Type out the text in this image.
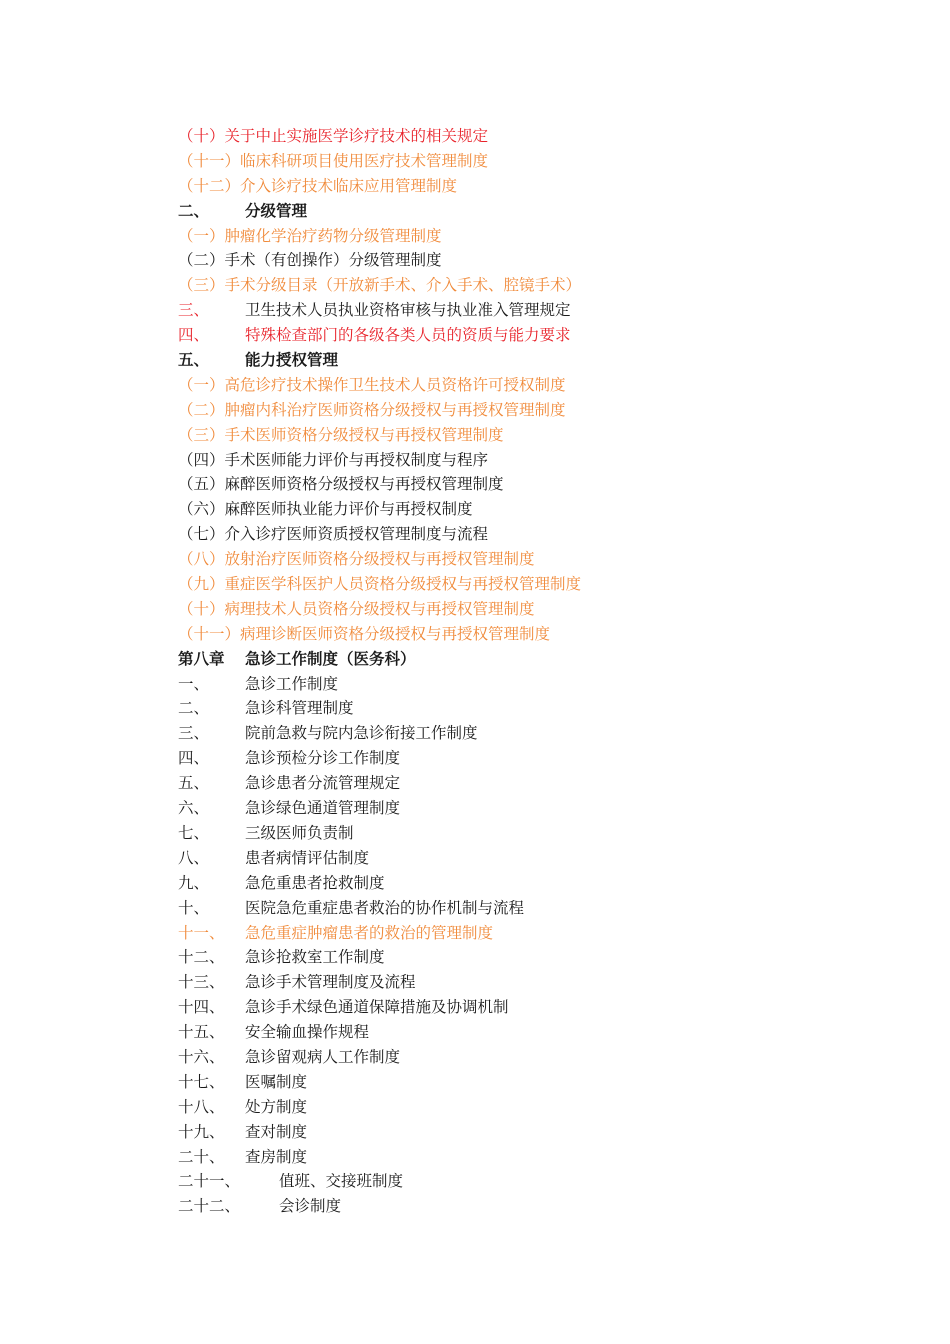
（十）关于中止实施医学诊疗技术的相关规定
（十一）临床科研项目使用医疗技术管理制度
（十二）介入诊疗技术临床应用管理制度
二、 分级管理
（一）肿瘤化学治疗药物分级管理制度
（二）手术（有创操作）分级管理制度
（三）手术分级目录（开放新手术、介入手术、腔镜手术）
三、 卫生技术人员执业资格审核与执业准入管理规定
四、 特殊检查部门的各级各类人员的资质与能力要求
五、 能力授权管理
（一）高危诊疗技术操作卫生技术人员资格许可授权制度
（二）肿瘤内科治疗医师资格分级授权与再授权管理制度
（三）手术医师资格分级授权与再授权管理制度
（四）手术医师能力评价与再授权制度与程序
（五）麻醉医师资格分级授权与再授权管理制度
（六）麻醉医师执业能力评价与再授权制度
（七）介入诊疗医师资质授权管理制度与流程
（八）放射治疗医师资格分级授权与再授权管理制度
（九）重症医学科医护人员资格分级授权与再授权管理制度
（十）病理技术人员资格分级授权与再授权管理制度
（十一）病理诊断医师资格分级授权与再授权管理制度
第八章 急诊工作制度（医务科）
一、 急诊工作制度
二、 急诊科管理制度
三、 院前急救与院内急诊衔接工作制度
四、 急诊预检分诊工作制度
五、 急诊患者分流管理规定
六、 急诊绿色通道管理制度
七、 三级医师负责制
八、 患者病情评估制度
九、 急危重患者抢救制度
十、 医院急危重症患者救治的协作机制与流程
十一、 急危重症肿瘤患者的救治的管理制度
十二、 急诊抢救室工作制度
十三、 急诊手术管理制度及流程
十四、 急诊手术绿色通道保障措施及协调机制
十五、 安全输血操作规程
十六、 急诊留观病人工作制度
十七、 医嘱制度
十八、 处方制度
十九、 查对制度
二十、 查房制度
二十一、	值班、交接班制度
二十二、	会诊制度
